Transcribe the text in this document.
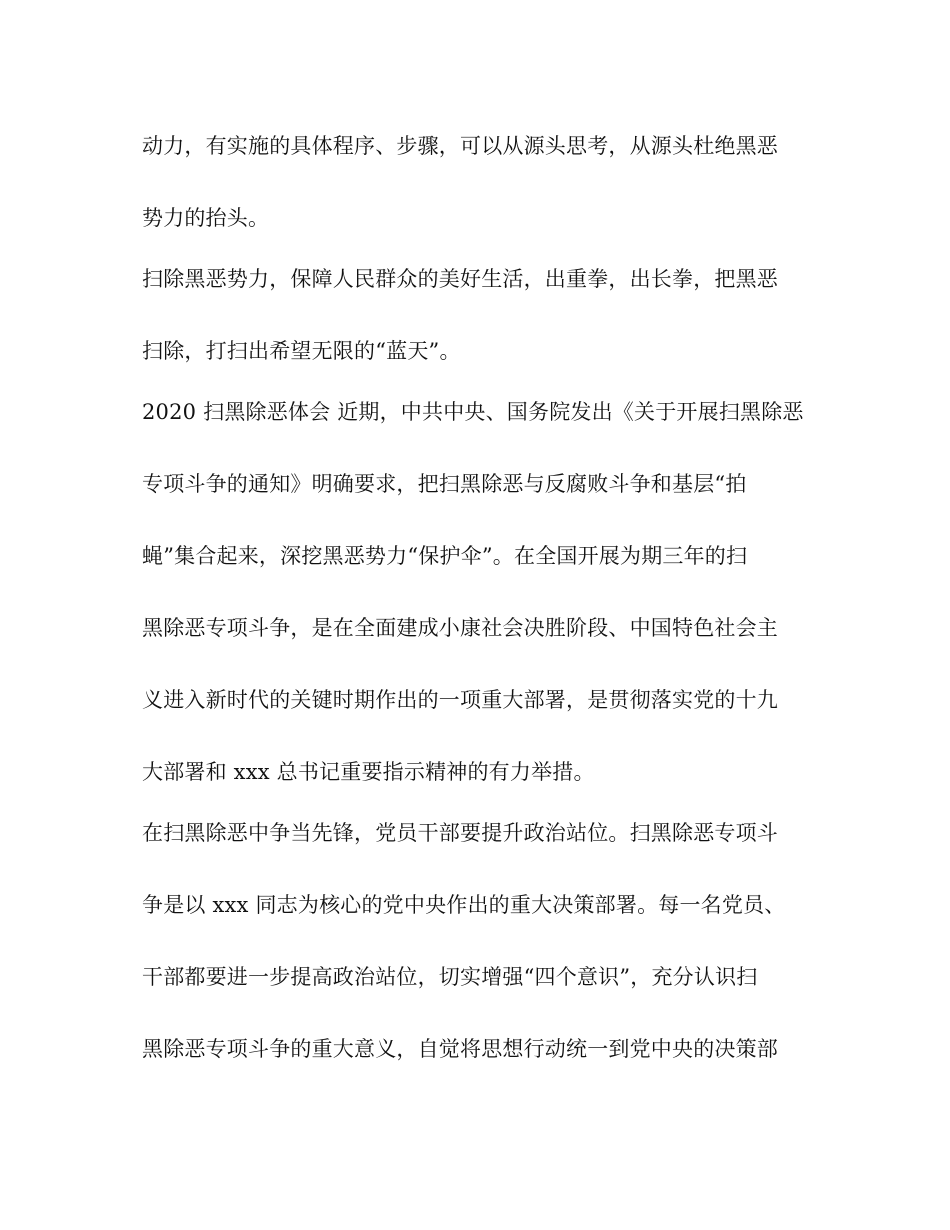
动力，有实施的具体程序、步骤，可以从源头思考，从源头杜绝黑恶
势力的抬头。
扫除黑恶势力，保障人民群众的美好生活，出重拳，出长拳，把黑恶
扫除，打扫出希望无限的“蓝天”。
2020 扫黑除恶体会 近期，中共中央、国务院发出《关于开展扫黑除恶
专项斗争的通知》明确要求，把扫黑除恶与反腐败斗争和基层“拍
蝇”集合起来，深挖黑恶势力“保护伞”。在全国开展为期三年的扫
黑除恶专项斗争，是在全面建成小康社会决胜阶段、中国特色社会主
义进入新时代的关键时期作出的一项重大部署，是贯彻落实党的十九
大部署和 xxx 总书记重要指示精神的有力举措。
在扫黑除恶中争当先锋，党员干部要提升政治站位。扫黑除恶专项斗
争是以 xxx 同志为核心的党中央作出的重大决策部署。每一名党员、
干部都要进一步提高政治站位，切实增强“四个意识”，充分认识扫
黑除恶专项斗争的重大意义，自觉将思想行动统一到党中央的决策部
